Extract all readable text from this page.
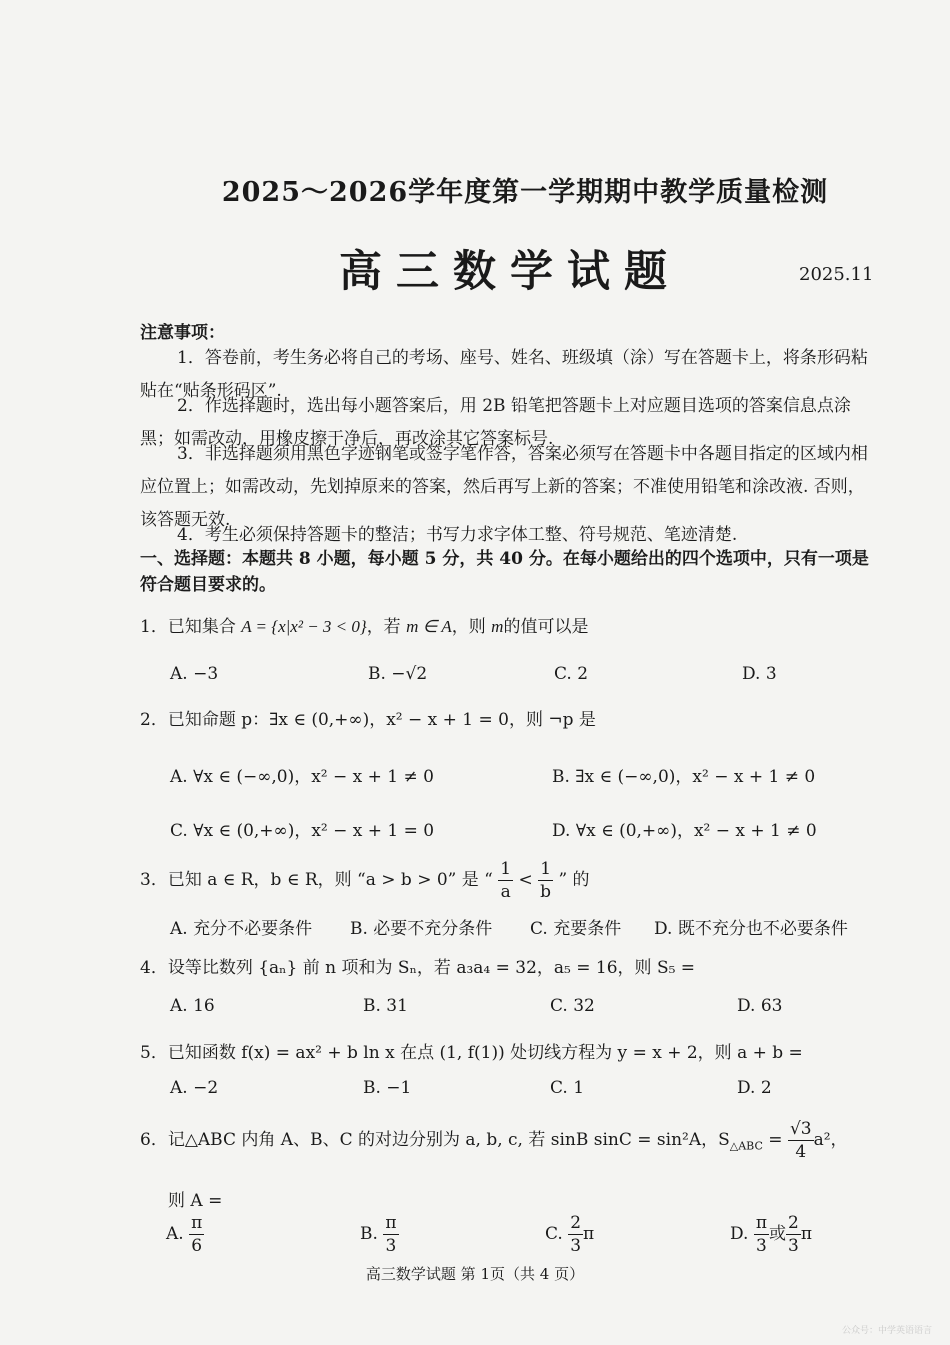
2025～2026学年度第一学期期中教学质量检测
高三数学试题	2025.11
注意事项：
1．答卷前，考生务必将自己的考场、座号、姓名、班级填（涂）写在答题卡上，将条形码粘贴在“贴条形码区”.
2．作选择题时，选出每小题答案后，用 2B 铅笔把答题卡上对应题目选项的答案信息点涂黑；如需改动，用橡皮擦干净后，再改涂其它答案标号.
3．非选择题须用黑色字迹钢笔或签字笔作答，答案必须写在答题卡中各题目指定的区域内相应位置上；如需改动，先划掉原来的答案，然后再写上新的答案；不准使用铅笔和涂改液. 否则，该答题无效.
4．考生必须保持答题卡的整洁；书写力求字体工整、符号规范、笔迹清楚.
一、选择题：本题共 8 小题，每小题 5 分，共 40 分。在每小题给出的四个选项中，只有一项是符合题目要求的。
1．已知集合 A = {x|x² − 3 < 0}，若 m ∈ A，则 m的值可以是
A. −3	B. −√2	C. 2	D. 3
2．已知命题 p：∃x ∈ (0,+∞)，x² − x + 1 = 0，则 ¬p 是
A. ∀x ∈ (−∞,0)，x² − x + 1 ≠ 0	B. ∃x ∈ (−∞,0)，x² − x + 1 ≠ 0
C. ∀x ∈ (0,+∞)，x² − x + 1 = 0	D. ∀x ∈ (0,+∞)，x² − x + 1 ≠ 0
3．已知 a ∈ R，b ∈ R，则 “a > b > 0” 是 “ $\frac{1}{a} < \frac{1}{b}$ ” 的
A. 充分不必要条件 B. 必要不充分条件 C. 充要条件 D. 既不充分也不必要条件
4．设等比数列 {aₙ} 前 n 项和为 Sₙ，若 a₃a₄ = 32，a₅ = 16，则 S₅ =
A. 16	B. 31	C. 32	D. 63
5．已知函数 f(x) = ax² + b ln x 在点 (1, f(1)) 处切线方程为 y = x + 2，则 a + b =
A. −2	B. −1	C. 1	D. 2
6．记△ABC 内角 A、B、C 的对边分别为 a, b, c, 若 sinB sinC = sin²A，$S_{\triangle ABC} = \frac{√3}{4} a^2$，
则 A =
A. $\frac{\pi}{6}$	B. $\frac{\pi}{3}$	C. $\frac{2}{3}$ π	D. $\frac{\pi}{3}$ 或 $\frac{2}{3}$ π
高三数学试题 第 1页（共 4 页）
公众号：中学英语语言
